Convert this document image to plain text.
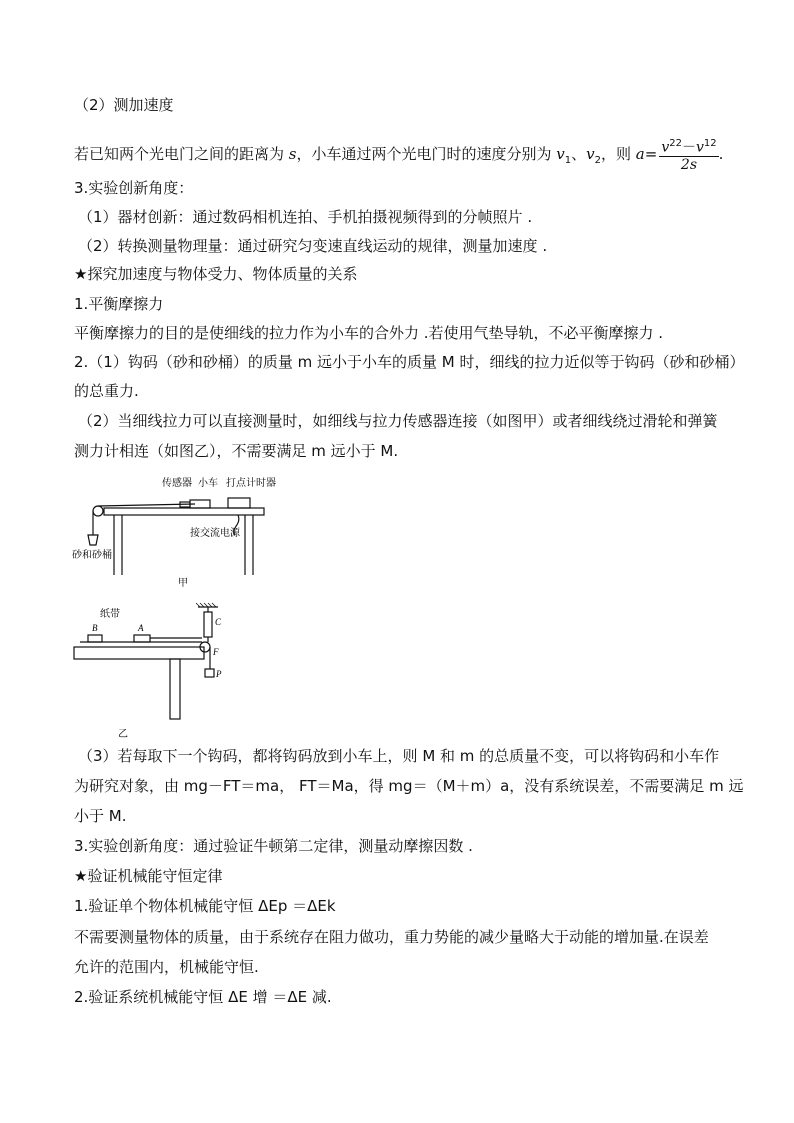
（2）测加速度
若已知两个光电门之间的距离为 s，小车通过两个光电门时的速度分别为 $v_1$、$v_2$，则 $a= \frac{v^{22}-v^{12}}{2s}$ .
3.实验创新角度：
（1）器材创新：通过数码相机连拍、手机拍摄视频得到的分帧照片 .
（2）转换测量物理量：通过研究匀变速直线运动的规律，测量加速度 .
★探究加速度与物体受力、物体质量的关系
1.平衡摩擦力
平衡摩擦力的目的是使细线的拉力作为小车的合外力 .若使用气垫导轨，不必平衡摩擦力 .
2.（1）钩码（砂和砂桶）的质量 m 远小于小车的质量 M 时，细线的拉力近似等于钩码（砂和砂桶）
的总重力.
（2）当细线拉力可以直接测量时，如细线与拉力传感器连接（如图甲）或者细线绕过滑轮和弹簧
测力计相连（如图乙），不需要满足 m 远小于 M.
传感器 小车 打点计时器
接交流电源
砂和砂桶
甲
纸带
B	A
C
F
P
乙
（3）若每取下一个钩码，都将钩码放到小车上，则 M 和 m 的总质量不变，可以将钩码和小车作
为研究对象，由 mg－FT＝ma， FT＝Ma，得 mg＝（M＋m）a，没有系统误差，不需要满足 m 远
小于 M.
3.实验创新角度：通过验证牛顿第二定律，测量动摩擦因数 .
★验证机械能守恒定律
1.验证单个物体机械能守恒 ΔEp ＝ΔEk
不需要测量物体的质量，由于系统存在阻力做功，重力势能的减少量略大于动能的增加量.在误差
允许的范围内，机械能守恒.
2.验证系统机械能守恒 ΔE 增 ＝ΔE 减.
